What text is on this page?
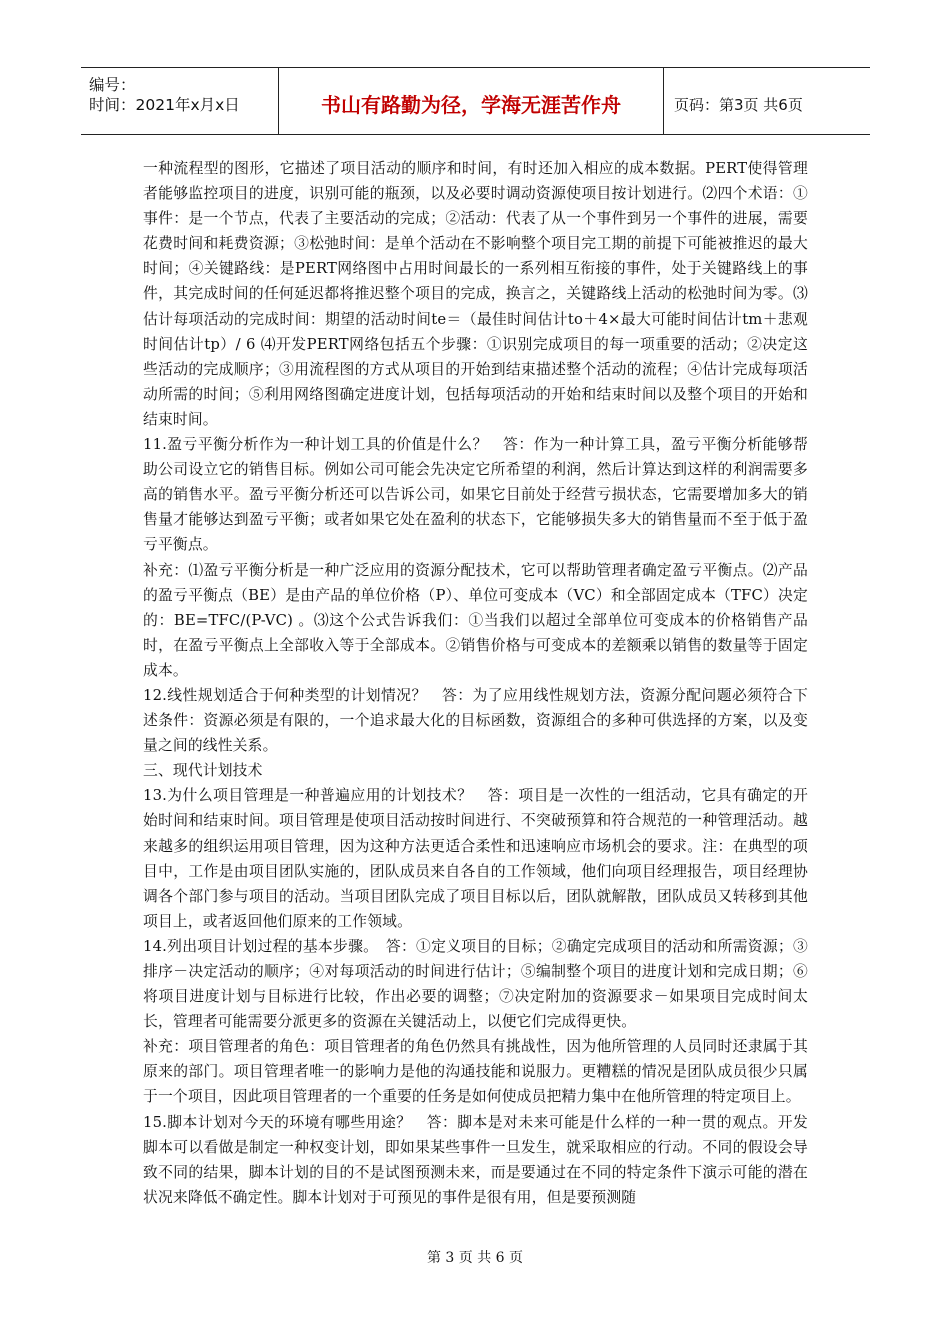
编号：
时间：2021年x月x日	书山有路勤为径，学海无涯苦作舟	页码：第3页 共6页

一种流程型的图形，它描述了项目活动的顺序和时间，有时还加入相应的成本数据。PERT使得管理者能够监控项目的进度，识别可能的瓶颈，以及必要时调动资源使项目按计划进行。⑵四个术语：①事件：是一个节点，代表了主要活动的完成；②活动：代表了从一个事件到另一个事件的进展，需要花费时间和耗费资源；③松弛时间：是单个活动在不影响整个项目完工期的前提下可能被推迟的最大时间；④关键路线：是PERT网络图中占用时间最长的一系列相互衔接的事件，处于关键路线上的事件，其完成时间的任何延迟都将推迟整个项目的完成，换言之，关键路线上活动的松弛时间为零。⑶估计每项活动的完成时间：期望的活动时间te＝（最佳时间估计to＋4×最大可能时间估计tm＋悲观时间估计tp）/ 6 ⑷开发PERT网络包括五个步骤：①识别完成项目的每一项重要的活动；②决定这些活动的完成顺序；③用流程图的方式从项目的开始到结束描述整个活动的流程；④估计完成每项活动所需的时间；⑤利用网络图确定进度计划，包括每项活动的开始和结束时间以及整个项目的开始和结束时间。

11.盈亏平衡分析作为一种计划工具的价值是什么？　答：作为一种计算工具，盈亏平衡分析能够帮助公司设立它的销售目标。例如公司可能会先决定它所希望的利润，然后计算达到这样的利润需要多高的销售水平。盈亏平衡分析还可以告诉公司，如果它目前处于经营亏损状态，它需要增加多大的销售量才能够达到盈亏平衡；或者如果它处在盈利的状态下，它能够损失多大的销售量而不至于低于盈亏平衡点。

补充：⑴盈亏平衡分析是一种广泛应用的资源分配技术，它可以帮助管理者确定盈亏平衡点。⑵产品的盈亏平衡点（BE）是由产品的单位价格（P）、单位可变成本（VC）和全部固定成本（TFC）决定的：BE=TFC/(P-VC) 。⑶这个公式告诉我们：①当我们以超过全部单位可变成本的价格销售产品时，在盈亏平衡点上全部收入等于全部成本。②销售价格与可变成本的差额乘以销售的数量等于固定成本。

12.线性规划适合于何种类型的计划情况？　答：为了应用线性规划方法，资源分配问题必须符合下述条件：资源必须是有限的，一个追求最大化的目标函数，资源组合的多种可供选择的方案，以及变量之间的线性关系。

三、现代计划技术

13.为什么项目管理是一种普遍应用的计划技术？　答：项目是一次性的一组活动，它具有确定的开始时间和结束时间。项目管理是使项目活动按时间进行、不突破预算和符合规范的一种管理活动。越来越多的组织运用项目管理，因为这种方法更适合柔性和迅速响应市场机会的要求。注：在典型的项目中，工作是由项目团队实施的，团队成员来自各自的工作领域，他们向项目经理报告，项目经理协调各个部门参与项目的活动。当项目团队完成了项目目标以后，团队就解散，团队成员又转移到其他项目上，或者返回他们原来的工作领域。

14.列出项目计划过程的基本步骤。　答：①定义项目的目标；②确定完成项目的活动和所需资源；③排序－决定活动的顺序；④对每项活动的时间进行估计；⑤编制整个项目的进度计划和完成日期；⑥将项目进度计划与目标进行比较，作出必要的调整；⑦决定附加的资源要求－如果项目完成时间太长，管理者可能需要分派更多的资源在关键活动上，以便它们完成得更快。

补充：项目管理者的角色：项目管理者的角色仍然具有挑战性，因为他所管理的人员同时还隶属于其原来的部门。项目管理者唯一的影响力是他的沟通技能和说服力。更糟糕的情况是团队成员很少只属于一个项目，因此项目管理者的一个重要的任务是如何使成员把精力集中在他所管理的特定项目上。

15.脚本计划对今天的环境有哪些用途？　答：脚本是对未来可能是什么样的一种一贯的观点。开发脚本可以看做是制定一种权变计划，即如果某些事件一旦发生，就采取相应的行动。不同的假设会导致不同的结果，脚本计划的目的不是试图预测未来，而是要通过在不同的特定条件下演示可能的潜在状况来降低不确定性。脚本计划对于可预见的事件是很有用，但是要预测随

第 3 页 共 6 页
